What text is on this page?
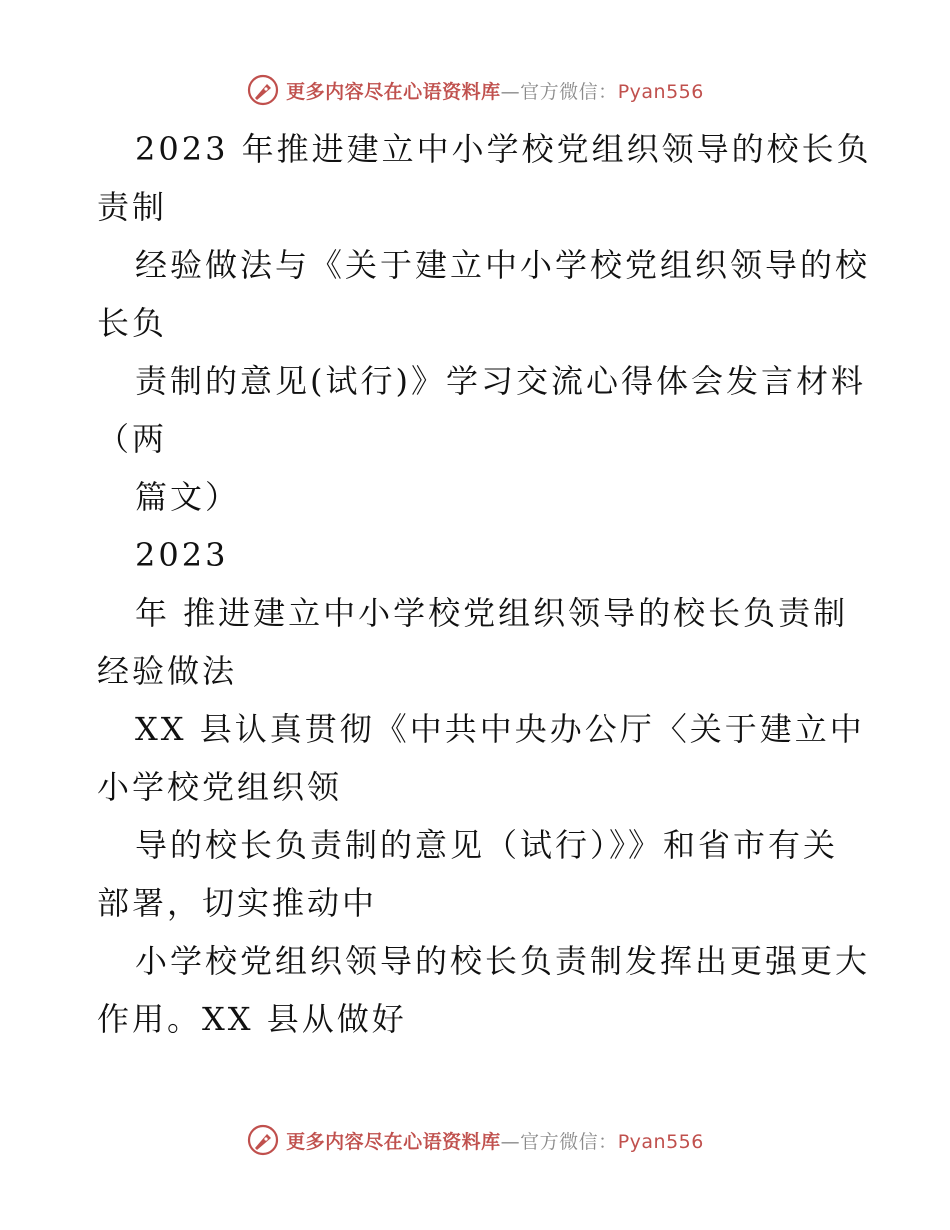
更多内容尽在心语资料库—官方微信：Pyan556
2023 年推进建立中小学校党组织领导的校长负
责制
经验做法与《关于建立中小学校党组织领导的校
长负
责制的意见(试行)》学习交流心得体会发言材料
（两
篇文）
2023
年 推进建立中小学校党组织领导的校长负责制
经验做法
XX 县认真贯彻《中共中央办公厅〈关于建立中
小学校党组织领
导的校长负责制的意见（试行）》》和省市有关
部署，切实推动中
小学校党组织领导的校长负责制发挥出更强更大
作用。XX 县从做好
更多内容尽在心语资料库—官方微信：Pyan556
